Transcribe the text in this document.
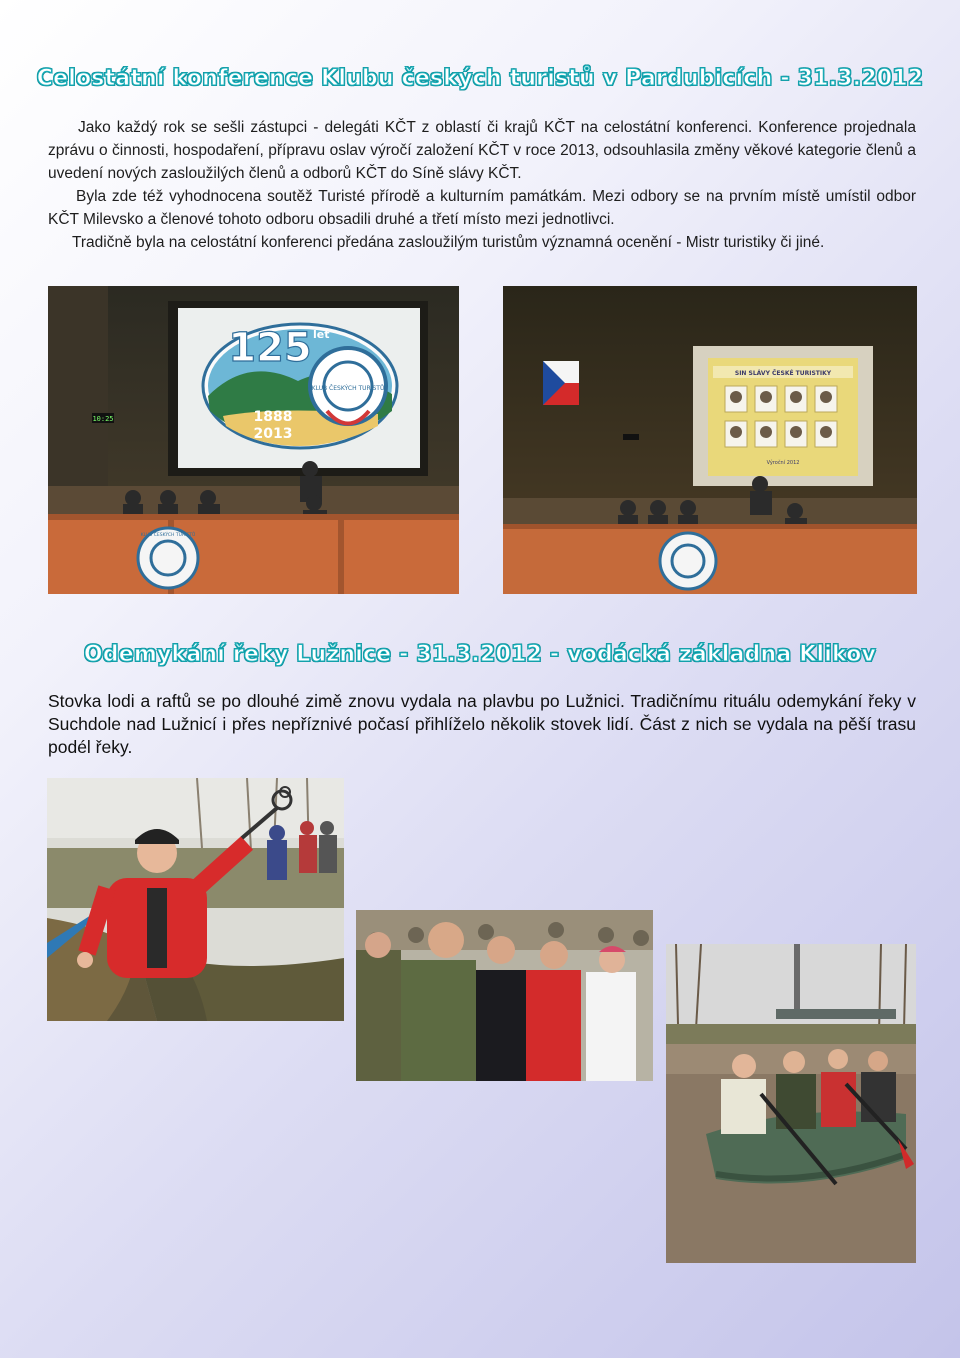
Celostátní konference Klubu českých turistů v Pardubicích - 31.3.2012

Jako každý rok se sešli zástupci - delegáti KČT z oblastí či krajů KČT na celostátní konferenci. Konference projednala zprávu o činnosti, hospodaření, přípravu oslav výročí založení KČT v roce 2013, odsouhlasila změny věkové kategorie členů a uvedení nových zasloužilých členů a odborů KČT do Síně slávy KČT.

Byla zde též vyhodnocena soutěž Turisté přírodě a kulturním památkám. Mezi odbory se na prvním místě umístil odbor KČT Milevsko a členové tohoto odboru obsadili druhé a třetí místo mezi jednotlivci.

Tradičně byla na celostátní konferenci předána zasloužilým turistům významná ocenění - Mistr turistiky či jiné.

125 let
1888
2013
KLUB ČESKÝCH TURISTŮ
10:25
KLUB ČESKÝCH TURISTŮ
SIN SLÁVY ČESKÉ TURISTIKY
Výroční 2012
Odemykání řeky Lužnice - 31.3.2012 - vodácká základna Klikov

Stovka lodi a raftů se po dlouhé zimě znovu vydala na plavbu po Lužnici. Tradičnímu rituálu odemykání řeky v Suchdole nad Lužnicí i přes nepříznivé počasí přihlíželo několik stovek lidí. Část z nich se vydala na pěší trasu podél řeky.
